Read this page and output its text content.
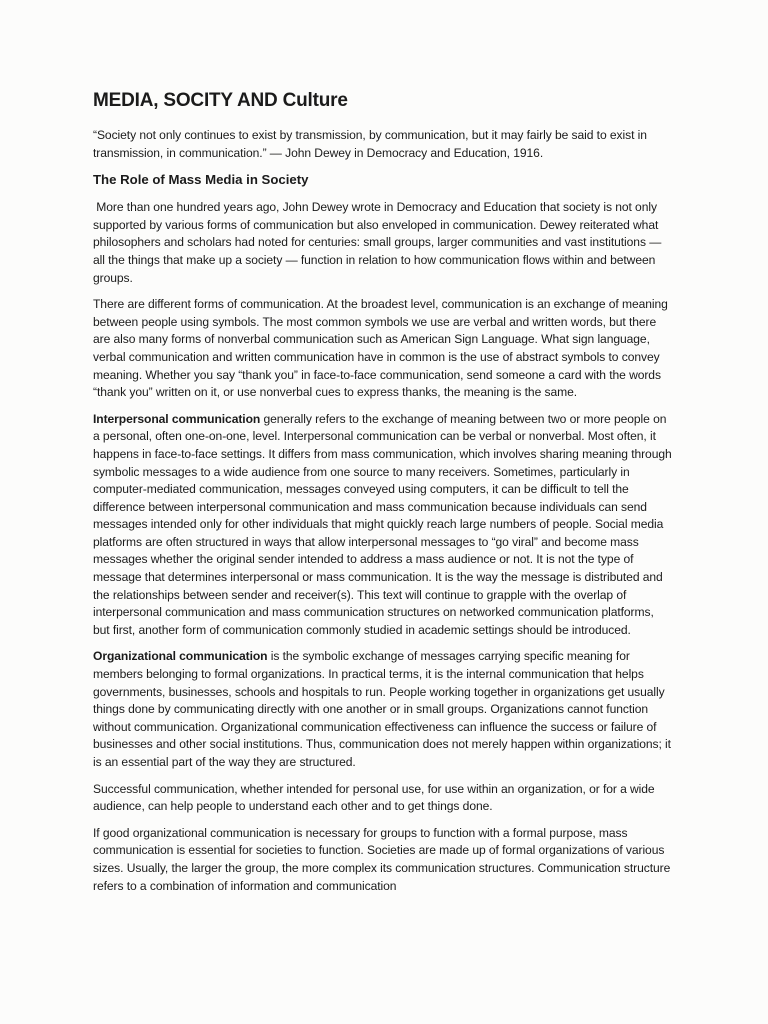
MEDIA, SOCITY AND Culture
“Society not only continues to exist by transmission, by communication, but it may fairly be said to exist in transmission, in communication.” — John Dewey in Democracy and Education, 1916.
The Role of Mass Media in Society
More than one hundred years ago, John Dewey wrote in Democracy and Education that society is not only supported by various forms of communication but also enveloped in communication. Dewey reiterated what philosophers and scholars had noted for centuries: small groups, larger communities and vast institutions — all the things that make up a society — function in relation to how communication flows within and between groups.
There are different forms of communication. At the broadest level, communication is an exchange of meaning between people using symbols. The most common symbols we use are verbal and written words, but there are also many forms of nonverbal communication such as American Sign Language. What sign language, verbal communication and written communication have in common is the use of abstract symbols to convey meaning. Whether you say “thank you” in face-to-face communication, send someone a card with the words “thank you” written on it, or use nonverbal cues to express thanks, the meaning is the same.
Interpersonal communication generally refers to the exchange of meaning between two or more people on a personal, often one-on-one, level. Interpersonal communication can be verbal or nonverbal. Most often, it happens in face-to-face settings. It differs from mass communication, which involves sharing meaning through symbolic messages to a wide audience from one source to many receivers. Sometimes, particularly in computer-mediated communication, messages conveyed using computers, it can be difficult to tell the difference between interpersonal communication and mass communication because individuals can send messages intended only for other individuals that might quickly reach large numbers of people. Social media platforms are often structured in ways that allow interpersonal messages to “go viral” and become mass messages whether the original sender intended to address a mass audience or not. It is not the type of message that determines interpersonal or mass communication. It is the way the message is distributed and the relationships between sender and receiver(s). This text will continue to grapple with the overlap of interpersonal communication and mass communication structures on networked communication platforms, but first, another form of communication commonly studied in academic settings should be introduced.
Organizational communication is the symbolic exchange of messages carrying specific meaning for members belonging to formal organizations. In practical terms, it is the internal communication that helps governments, businesses, schools and hospitals to run. People working together in organizations get usually things done by communicating directly with one another or in small groups. Organizations cannot function without communication. Organizational communication effectiveness can influence the success or failure of businesses and other social institutions. Thus, communication does not merely happen within organizations; it is an essential part of the way they are structured.
Successful communication, whether intended for personal use, for use within an organization, or for a wide audience, can help people to understand each other and to get things done.
If good organizational communication is necessary for groups to function with a formal purpose, mass communication is essential for societies to function. Societies are made up of formal organizations of various sizes. Usually, the larger the group, the more complex its communication structures. Communication structure refers to a combination of information and communication
